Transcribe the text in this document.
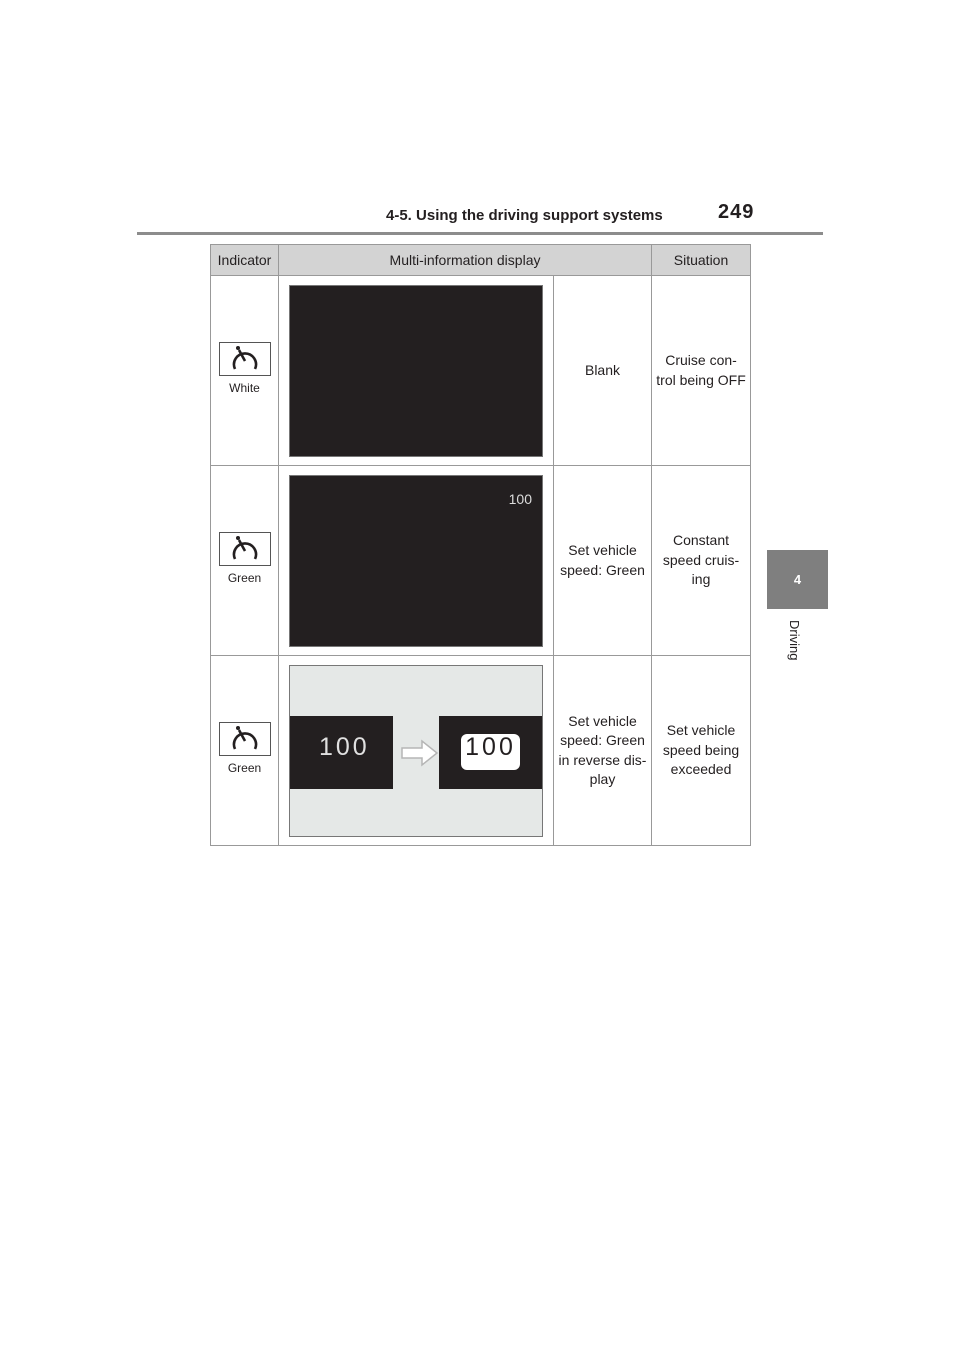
4-5. Using the driving support systems	249
4
Driving
Indicator	Multi-information display		Situation

White		Blank	Cruise con-trol being OFF

Green	100	Set vehicle speed: Green	Constant speed cruis-ing

Green	100 100	Set vehicle speed: Green in reverse dis-play	Set vehicle speed being exceeded
